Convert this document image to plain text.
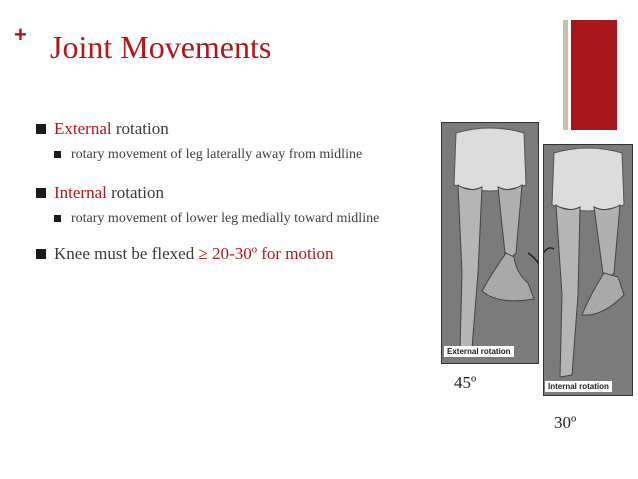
+ Joint Movements

External rotation

rotary movement of leg laterally away from midline

Internal rotation

rotary movement of lower leg medially toward midline

Knee must be flexed ≥ 20-30º for motion

External rotation
Internal rotation
45º
30º
